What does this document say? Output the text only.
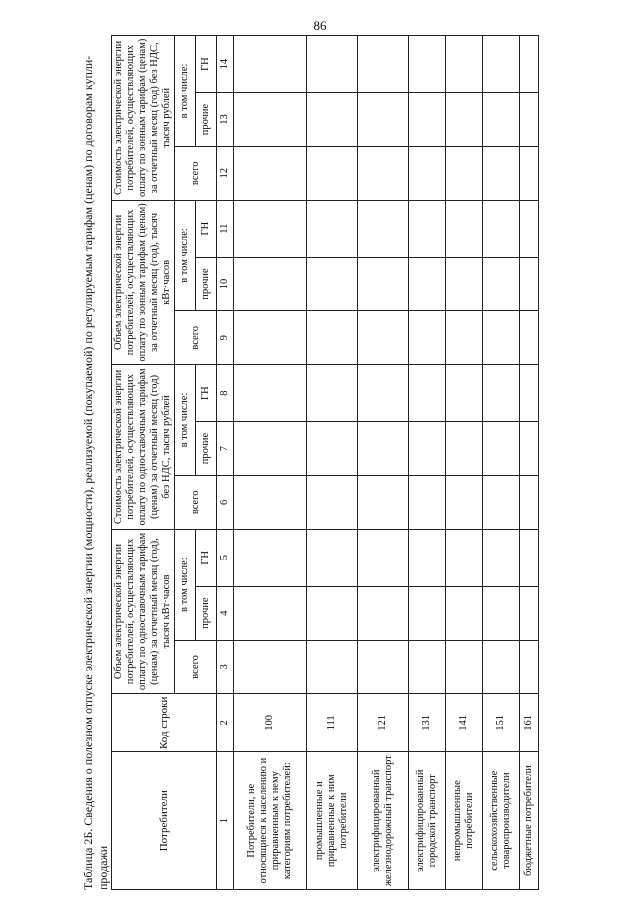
86
Таблица 2Б. Сведения о полезном отпуске электрической энергии (мощности), реализуемой (покупаемой) по регулируемым тарифам (ценам) по договорам купли-продажи
Потребители	Код строки	Объем электрической энергии потребителей, осуществляющих оплату по одноставочным тарифам (ценам) за отчетный месяц (год), тысяч кВт·часов			Стоимость электрической энергии потребителей, осуществляющих оплату по одноставочным тарифам (ценам) за отчетный месяц (год) без НДС, тысяч рублей			Объем электрической энергии потребителей, осуществляющих оплату по зонным тарифам (ценам) за отчетный месяц (год), тысяч кВт·часов			Стоимость электрической энергии потребителей, осуществляющих оплату по зонным тарифам (ценам) за отчетный месяц (год) без НДС, тысяч рублей		
		всего	в том числе:		всего	в том числе:		всего	в том числе:		всего	в том числе:	
			прочие	ГН		прочие	ГН		прочие	ГН		прочие	ГН
1	2	3	4	5	6	7	8	9	10	11	12	13	14
Потребители, не относящиеся к населению и приравненным к нему категориям потребителей:	100												
промышленные и приравненные к ним потребители	111												
электрифицированный железнодорожный транспорт	121												
электрифицированный городской транспорт	131												
непромышленные потребители	141												
сельскохозяйственные товаропроизводители	151												
бюджетные потребители	161												
